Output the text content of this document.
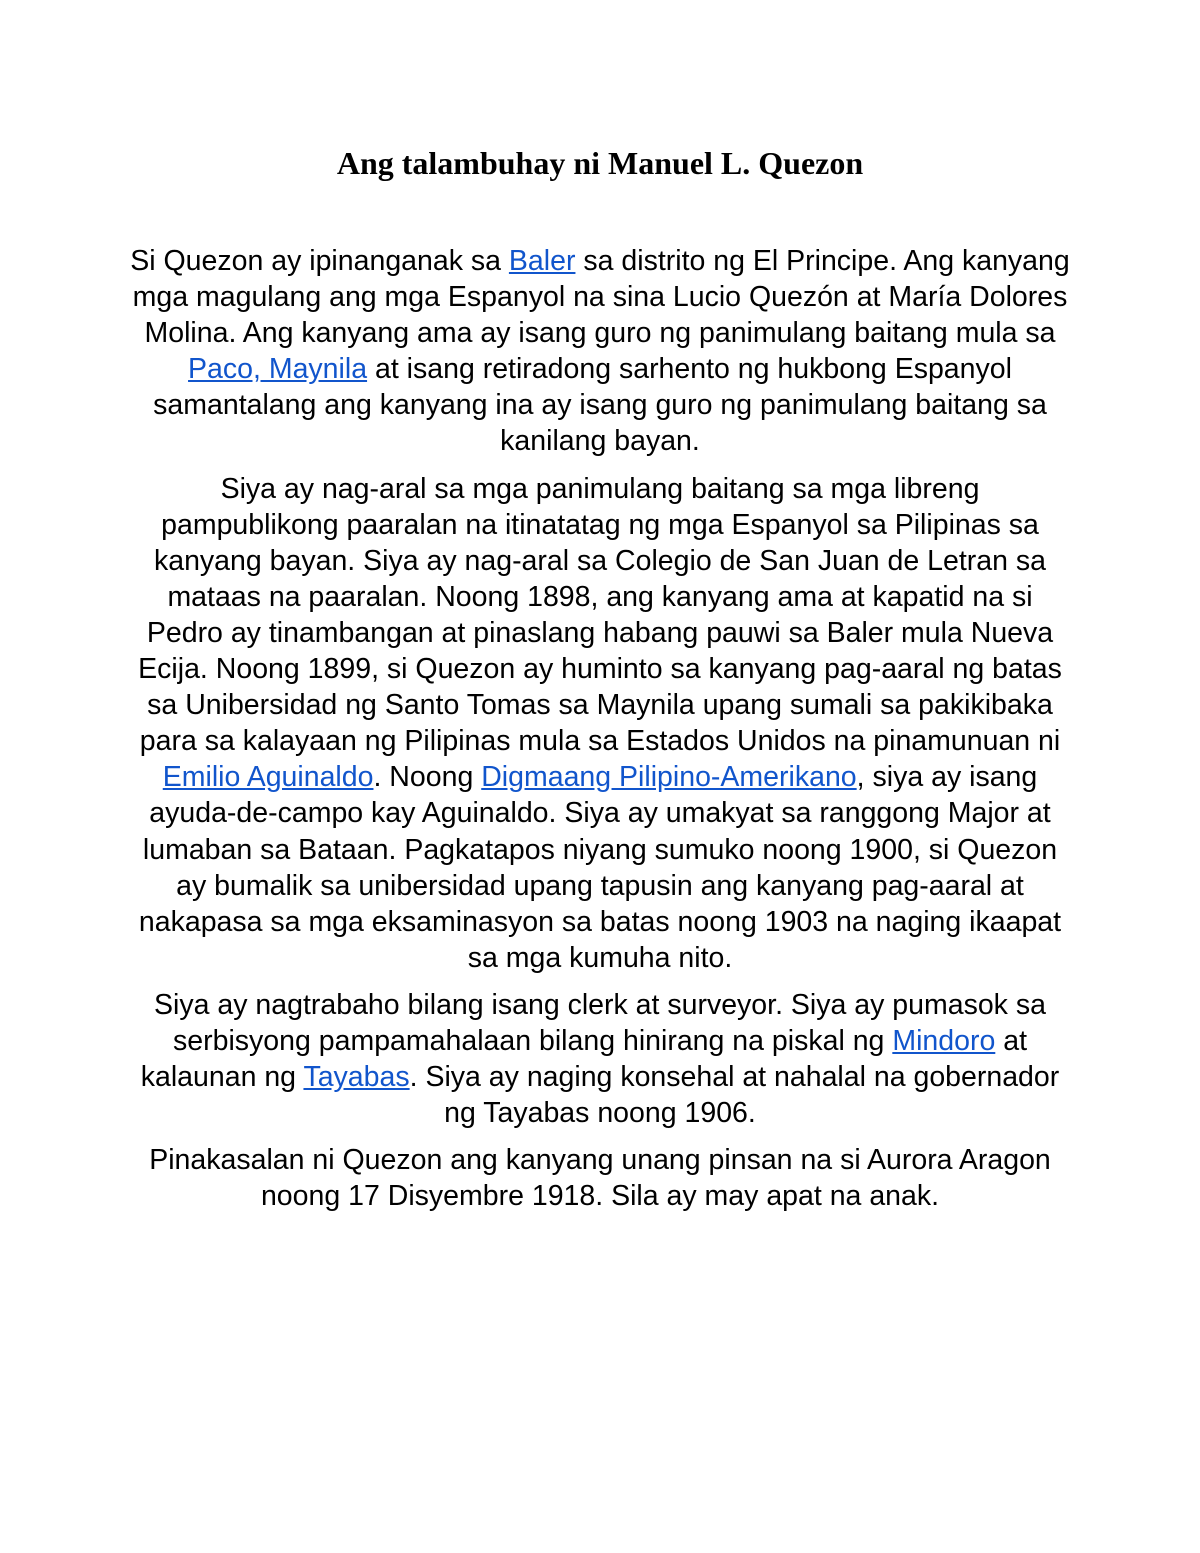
Ang talambuhay ni Manuel L. Quezon

Si Quezon ay ipinanganak sa Baler sa distrito ng El Principe. Ang kanyang mga magulang ang mga Espanyol na sina Lucio Quezón at María Dolores Molina. Ang kanyang ama ay isang guro ng panimulang baitang mula sa Paco, Maynila at isang retiradong sarhento ng hukbong Espanyol samantalang ang kanyang ina ay isang guro ng panimulang baitang sa kanilang bayan.

Siya ay nag-aral sa mga panimulang baitang sa mga libreng pampublikong paaralan na itinatatag ng mga Espanyol sa Pilipinas sa kanyang bayan. Siya ay nag-aral sa Colegio de San Juan de Letran sa mataas na paaralan. Noong 1898, ang kanyang ama at kapatid na si Pedro ay tinambangan at pinaslang habang pauwi sa Baler mula Nueva Ecija. Noong 1899, si Quezon ay huminto sa kanyang pag-aaral ng batas sa Unibersidad ng Santo Tomas sa Maynila upang sumali sa pakikibaka para sa kalayaan ng Pilipinas mula sa Estados Unidos na pinamunuan ni Emilio Aguinaldo. Noong Digmaang Pilipino-Amerikano, siya ay isang ayuda-de-campo kay Aguinaldo. Siya ay umakyat sa ranggong Major at lumaban sa Bataan. Pagkatapos niyang sumuko noong 1900, si Quezon ay bumalik sa unibersidad upang tapusin ang kanyang pag-aaral at nakapasa sa mga eksaminasyon sa batas noong 1903 na naging ikaapat sa mga kumuha nito.

Siya ay nagtrabaho bilang isang clerk at surveyor. Siya ay pumasok sa serbisyong pampamahalaan bilang hinirang na piskal ng Mindoro at kalaunan ng Tayabas. Siya ay naging konsehal at nahalal na gobernador ng Tayabas noong 1906.

Pinakasalan ni Quezon ang kanyang unang pinsan na si Aurora Aragon noong 17 Disyembre 1918. Sila ay may apat na anak.
